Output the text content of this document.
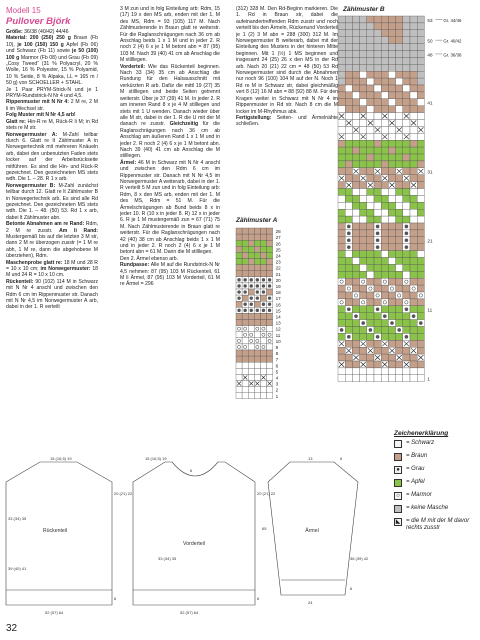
Modell 15
Pullover Björk

Größe: 36/38 (40/42) 44/46

Material: 200 (250) 250 g Braun (Fb 10), je 100 (150) 150 g Apfel (Fb 06) und Schwarz (Fb 11) sowie je 50 (100) 100 g Marmor (Fb 08) und Grau (Fb 09) „Cosy Tweed“ (31 % Polyacryl, 20 % Wolle, 16 % Polyester, 15 % Polyamid, 10 % Seide, 8 % Alpaka, LL = 165 m / 50 g) von SCHOELLER + STAHL.

Je 1 Paar PRYM-Strick-N und je 1 PRYM-Rundstrick-N Nr 4 und 4,5.

Rippenmuster mit N Nr 4: 2 M re, 2 M li im Wechsel str.

Folg Muster mit N Nr 4,5 arb!

Glatt re: Hin-R re M, Rück-R li M; in Rd stets re M str.

Norwegermuster A: M-Zahl teilbar durch 6. Glatt re lt Zählmuster A in Norwegertechnik mit mehreren Knäueln arb, dabei den unbenutzten Faden stets locker auf der Arbeitsrückseite mitführen. Es sind die Hin- und Rück-R gezeichnet. Den gezeichneten MS stets wdh. Die 1. – 28. R 1 x arb.

Norwegermuster B: M-Zahl zunächst teilbar durch 12. Glatt re lt Zählmuster B in Norwegertechnik arb. Es sind alle Rd gezeichnet. Den gezeichneten MS stets wdh. Die 1. – 48. (50) 53. Rd 1 x arb, dabei lt Zählmuster abn.

Betonte Abnahmen am re Rand: Rdm, 2 M re zusstr. Am li Rand: Mustergemäß bis auf die letzten 3 M str, dann 2 M re überzogen zusstr (= 1 M re abh, 1 M re, dann die abgehobene M überziehen), Rdm.

Maschenprobe glatt re: 18 M und 28 R = 10 x 10 cm; im Norwegermuster: 18 M und 24 R = 10 x 10 cm.

Rückenteil: 90 (102) 114 M in Schwarz mit N Nr 4 anschl und zwischen den Rdm 6 cm im Rippenmuster str. Danach mit N Nr 4,5 im Norwegermuster A arb, dabei in der 1. R verteilt

3 M zun und in folg Einteilung arb: Rdm, 15 (17) 19 x den MS arb, enden mit der 1. M des MS, Rdm = 93 (105) 117 M. Nach Zählmusterende in Braun glatt re weiterstr. Für die Raglanschrägungen nach 36 cm ab Anschlag beids 1 x 1 M und in jeder 2. R noch 2 (4) 6 x je 1 M betont abn = 87 (95) 103 M. Nach 39 (40) 41 cm ab Anschlag die M stilllegen.

Vorderteil: Wie das Rückenteil beginnen. Nach 33 (34) 35 cm ab Anschlag die Rundung für den Halsausschnitt mit verkürzten R arb. Dafür die mittl 19 (27) 35 M stilllegen und beide Seiten getrennt weiterstr. Über je 37 (39) 41 M. In jeder 2. R am inneren Rand 8 x je 4 M stilllegen und stets mit 1 U wenden. Danach wieder über alle M str, dabei in der 1. R die U mit der M danach re zusstr. Gleichzeitig für die Raglanschrägungen nach 36 cm ab Anschlag am äußeren Rand 1 x 1 M und in jeder 2. R noch 2 (4) 6 x je 1 M betont abn. Nach 39 (40) 41 cm ab Anschlag die M stilllegen.

Ärmel: 46 M in Schwarz mit N Nr 4 anschl und zwischen den Rdm 6 cm im Rippenmuster str. Danach mit N Nr 4,5 im Norwegermuster A weiterarb, dabei in der 1. R verteilt 5 M zun und in folg Einteilung arb: Rdm, 8 x den MS arb, enden mit der 1. M des MS, Rdm = 51 M. Für die Ärmelschrägungen ab Bund beids 8 x in jeder 10. R (10 x in jeder 8. R) 12 x in jeder 6. R je 1 M mustergemäß zun = 67 (71) 75 M. Nach Zählmusterende in Braun glatt re weiterstr. Für die Raglanschrägungen nach 42 (40) 38 cm ab Anschlag beids 1 x 1 M und in jeder 2. R noch 2 (4) 6 x je 1 M betont abn = 61 M. Dann die M stilllegen.

Den 2. Ärmel ebenso arb.

Rundpasse: Alle M auf die Rundstrick-N Nr 4,5 nehmen: 87 (95) 103 M Rückenteil, 61 M li Ärmel, 87 (95) 103 M Vorderteil, 61 M re Ärmel = 296

(312) 328 M. Den Rd-Beginn markieren. Die 1. Rd in Braun str, dabei die aufeinandertreffenden Rdm zusstr und noch verteilt bis den Ärmeln, Rückenund Vorderteil je 1 (2) 3 M abn = 288 (300) 312 M. Im Norwegermuster B weiterarb, dabei mit der Einteilung des Musters in der hinteren Mitte beginnen. Mit 1 (½) 1 MS beginnen und insgesamt 24 (25) 26 x den MS in der Rd arb. Nach 20 (21) 22 cm = 48 (50) 53 Rd Norwegermuster sind durch die Abnahmen nur noch 96 (100) 104 M auf der N. Noch 1 Rd re M in Schwarz str, dabei gleichmäßig vert 8 (12) 16 M abn = 88 (92) 88 M. Für den Kragen weiter in Schwarz mit N Nr 4 im Rippenmuster in Rd str. Nach 8 cm die M locker im M-Rhythmus abk.

Fertigstellung: Seiten- und Ärmelnähte schließen.

Zählmuster B
Zählmuster A
53
50
48
41
31
21
11
1
Gr. 44/46
Gr. 40/42
Gr. 36/38
28
27
26
25
24
23
22
21
20
19
18
17
16
15
14
13
12
11
10
9
8
7
6
5
4
3
2
1
Rückenteil
15 (16,5) 19
20 (21) 22
33 (34) 35
39 (40) 41
6
52 (57) 64
Vorderteil
15 (16,5) 19
6
20 (21) 22
33 (34) 35
6
52 (57) 64
Ärmel
13	6
65
36 (39) 42
6
24
Zeichenerklärung
= Schwarz
= Braun
●	= Grau
= Apfel
○	= Marmor
= keine Masche
◣ = die M mit der M davor rechts zusstr
32
